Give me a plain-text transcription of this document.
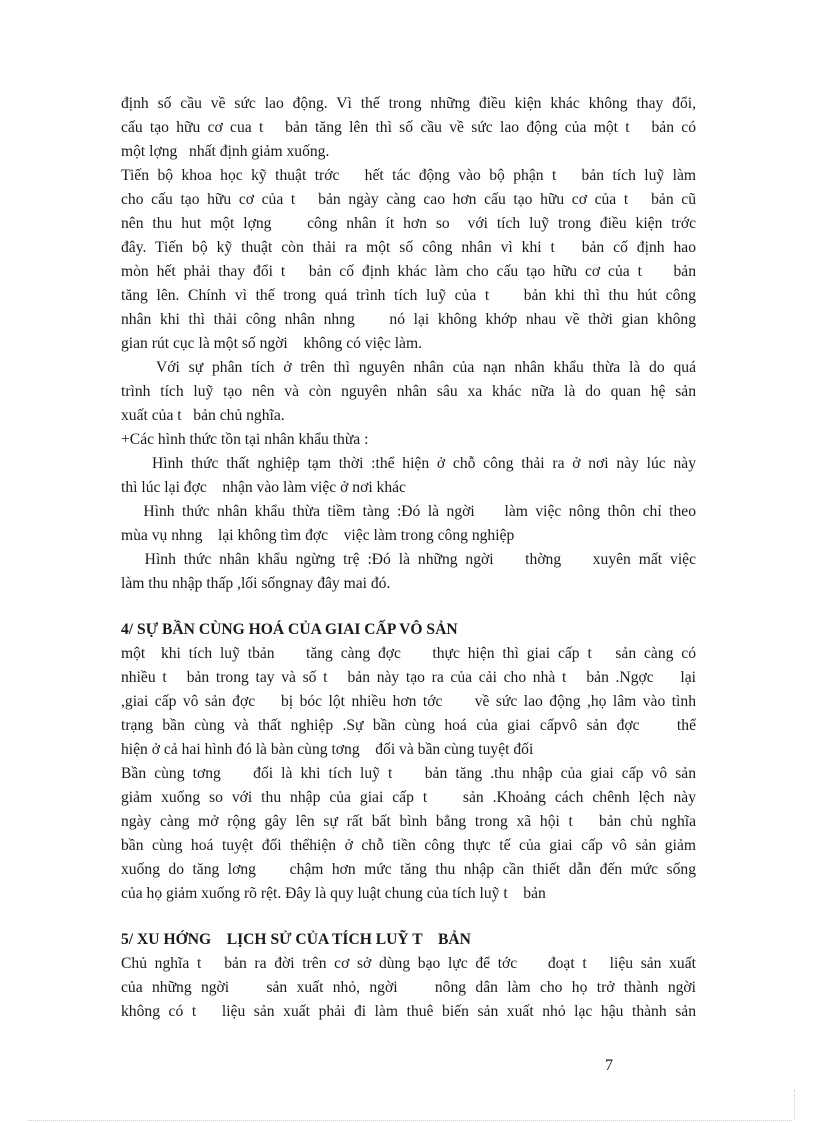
định số cầu về sức lao động. Vì thế trong những điều kiện khác không thay đổi,
cấu tạo hữu cơ cua t   bản tăng lên thì số cầu về sức lao động của một t   bản có
một lợng   nhất định giảm xuống.
Tiến bộ khoa học kỹ thuật trớc   hết tác động vào bộ phận t   bản tích luỹ làm
cho cấu tạo hữu cơ của t   bản ngày càng cao hơn cấu tạo hữu cơ của t   bản cũ
nên thu hut một lợng    công nhân ít hơn so  với tích luỹ trong điều kiện trớc
đây. Tiến bộ kỹ thuật còn thải ra một số công nhân vì khi t   bản cố định hao
mòn hết phải thay đổi t   bản cố định khác làm cho cấu tạo hữu cơ của t    bản
tăng lên. Chính vì thế trong quá trình tích luỹ của t    bản khi thì thu hút công
nhân khi thì thải công nhân nhng    nó lại không khớp nhau về thời gian không
gian rút cục là một số ngời    không có việc làm.
Với sự phân tích ở trên thì nguyên nhân của nạn nhân khẩu thừa là do quá
trình tích luỹ tạo nên và còn nguyên nhân sâu xa khác nữa là do quan hệ sản
xuất của t   bản chủ nghĩa.
+Các hình thức tồn tại nhân khẩu thừa :
Hình thức thất nghiệp tạm thời :thể hiện ở chỗ công thải ra ở nơi này lúc này
thì lúc lại đợc    nhận vào làm việc ở nơi khác
Hình thức nhân khẩu thừa tiềm tàng :Đó là ngời    làm việc nông thôn chỉ theo
mùa vụ nhng    lại không tìm đợc    việc làm trong công nghiệp
Hình thức nhân khẩu ngừng trệ :Đó là những ngời    thờng    xuyên mất việc
làm thu nhập thấp ,lối sốngnay đây mai đó.
4/ SỰ BẦN CÙNG HOÁ CỦA GIAI CẤP VÔ SẢN
một  khi tích luỹ tbản    tăng càng đợc    thực hiện thì giai cấp t   sản càng có
nhiều t   bản trong tay và số t   bản này tạo ra của cải cho nhà t   bản .Ngợc    lại
,giai cấp vô sản đợc    bị bóc lột nhiều hơn tớc     về sức lao động ,họ lâm vào tình
trạng bần cùng và thất nghiệp .Sự bần cùng hoá của giai cấpvô sản đợc    thể
hiện ở cả hai hình đó là bàn cùng tơng    đối và bần cùng tuyệt đối
Bần cùng tơng    đối là khi tích luỹ t    bản tăng .thu nhập của giai cấp vô sản
giảm xuống so với thu nhập của giai cấp t    sản .Khoảng cách chênh lệch này
ngày càng mở rộng gây lên sự rất bất bình bẳng trong xã hội t   bản chủ nghĩa
bần cùng hoá tuyệt đối thểhiện ở chỗ tiền công thực tế của giai cấp vô sản giảm
xuống do tăng lơng    chậm hơn mức tăng thu nhập cần thiết dẫn đến mức sống
của họ giảm xuống rõ rệt. Đây là quy luật chung của tích luỹ t    bản
5/ XU HỚNG    LỊCH SỬ CỦA TÍCH LUỸ T    BẢN
Chủ nghĩa t   bản ra đời trên cơ sở dùng bạo lực để tớc    đoạt t   liệu sản xuất
của những ngời    sản xuất nhỏ, ngời    nông dân làm cho họ trở thành ngời
không có t   liệu sản xuất phải đi làm thuê biến sản xuất nhỏ lạc hậu thành sản
7
